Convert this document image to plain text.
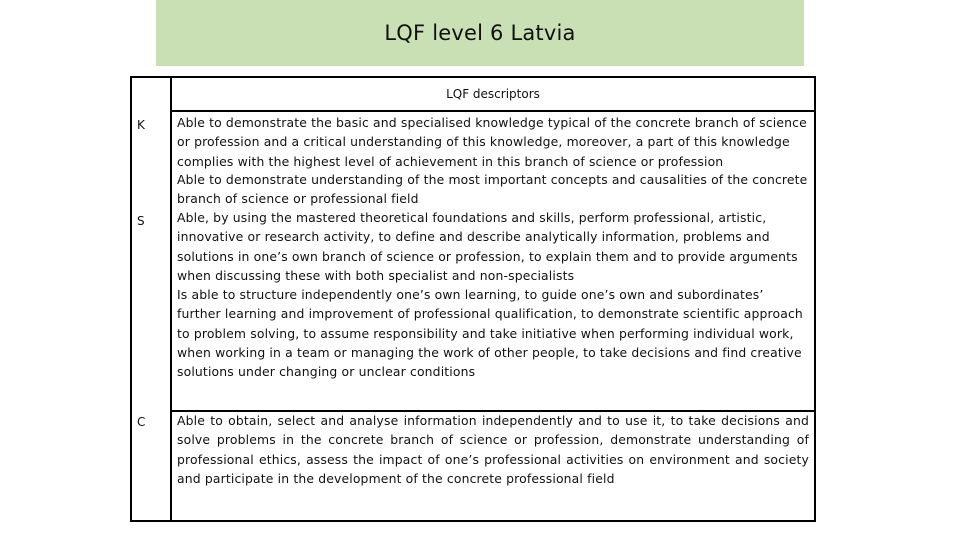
LQF level 6 Latvia
LQF descriptors
K
S
C
Able to demonstrate the basic and specialised knowledge typical of the concrete branch of science or profession and a critical understanding of this knowledge, moreover, a part of this knowledge complies with the highest level of achievement in this branch of science or profession
Able to demonstrate understanding of the most important concepts and causalities of the concrete branch of science or professional field
Able, by using the mastered theoretical foundations and skills, perform professional, artistic, innovative or research activity, to define and describe analytically information, problems and solutions in one’s own branch of science or profession, to explain them and to provide arguments when discussing these with both specialist and non-specialists
Is able to structure independently one’s own learning, to guide one’s own and subordinates’ further learning and improvement of professional qualification, to demonstrate scientific approach to problem solving, to assume responsibility and take initiative when performing individual work, when working in a team or managing the work of other people, to take decisions and find creative solutions under changing or unclear conditions
Able to obtain, select and analyse information independently and to use it, to take decisions and solve problems in the concrete branch of science or profession, demonstrate understanding of professional ethics, assess the impact of one’s professional activities on environment and society and participate in the development of the concrete professional field
